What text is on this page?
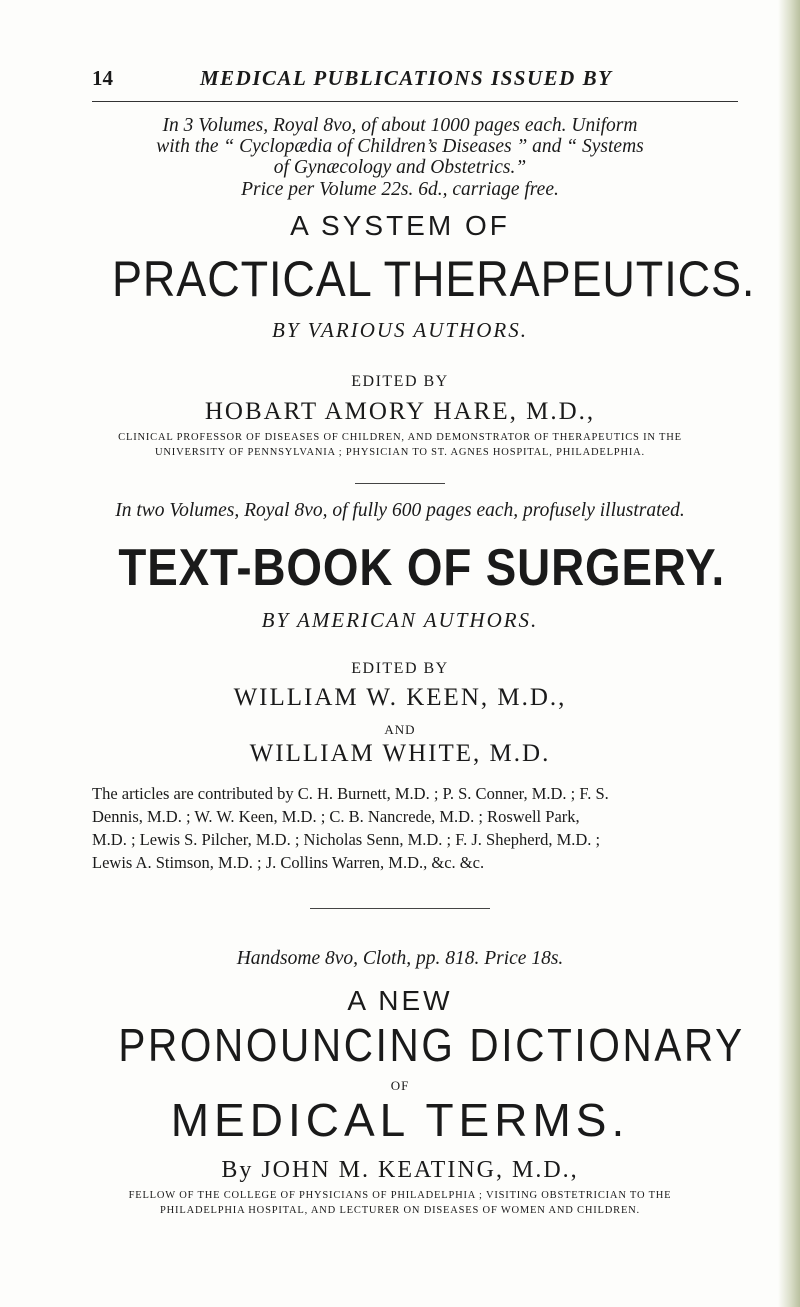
14	MEDICAL PUBLICATIONS ISSUED BY
In 3 Volumes, Royal 8vo, of about 1000 pages each. Uniform
with the “ Cyclopædia of Children’s Diseases ” and “ Systems
of Gynæcology and Obstetrics.”
Price per Volume 22s. 6d., carriage free.
A SYSTEM OF
PRACTICAL THERAPEUTICS.
BY VARIOUS AUTHORS.
EDITED BY
HOBART AMORY HARE, M.D.,
CLINICAL PROFESSOR OF DISEASES OF CHILDREN, AND DEMONSTRATOR OF THERAPEUTICS IN THE
UNIVERSITY OF PENNSYLVANIA ; PHYSICIAN TO ST. AGNES HOSPITAL, PHILADELPHIA.
In two Volumes, Royal 8vo, of fully 600 pages each, profusely illustrated.
TEXT-BOOK OF SURGERY.
BY AMERICAN AUTHORS.
EDITED BY
WILLIAM W. KEEN, M.D.,
AND
WILLIAM WHITE, M.D.
The articles are contributed by C. H. Burnett, M.D. ; P. S. Conner, M.D. ; F. S.
Dennis, M.D. ; W. W. Keen, M.D. ; C. B. Nancrede, M.D. ; Roswell Park,
M.D. ; Lewis S. Pilcher, M.D. ; Nicholas Senn, M.D. ; F. J. Shepherd, M.D. ;
Lewis A. Stimson, M.D. ; J. Collins Warren, M.D., &c. &c.
Handsome 8vo, Cloth, pp. 818. Price 18s.
A NEW
PRONOUNCING DICTIONARY
OF
MEDICAL TERMS.
By JOHN M. KEATING, M.D.,
FELLOW OF THE COLLEGE OF PHYSICIANS OF PHILADELPHIA ; VISITING OBSTETRICIAN TO THE
PHILADELPHIA HOSPITAL, AND LECTURER ON DISEASES OF WOMEN AND CHILDREN.
